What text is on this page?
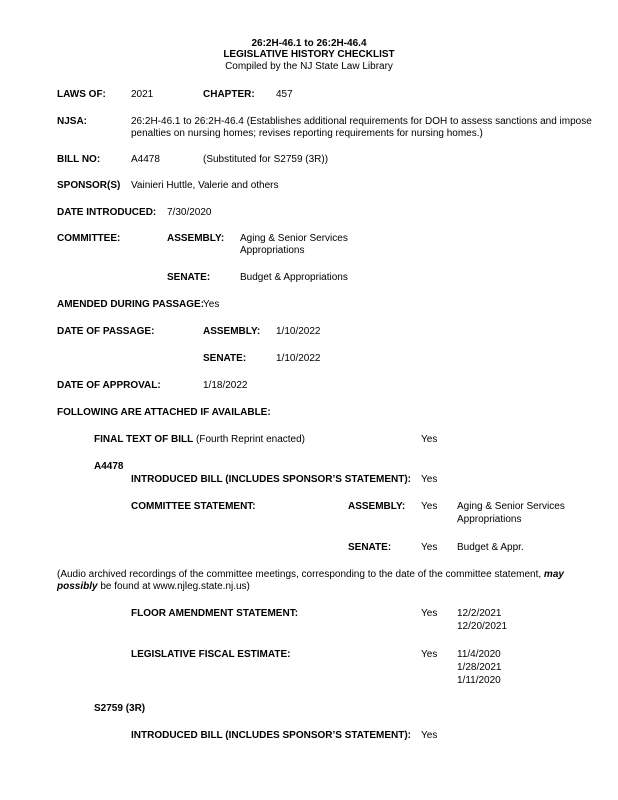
26:2H-46.1 to 26:2H-46.4
LEGISLATIVE HISTORY CHECKLIST
Compiled by the NJ State Law Library
LAWS OF:	2021	CHAPTER: 457
NJSA:	26:2H-46.1 to 26:2H-46.4 (Establishes additional requirements for DOH to assess sanctions and impose
penalties on nursing homes; revises reporting requirements for nursing homes.)
BILL NO:	A4478	(Substituted for S2759 (3R))
SPONSOR(S) Vainieri Huttle, Valerie and others
DATE INTRODUCED: 7/30/2020
COMMITTEE:	ASSEMBLY: Aging & Senior Services
Appropriations
SENATE:	Budget & Appropriations
AMENDED DURING PASSAGE:
Yes
DATE OF PASSAGE:	ASSEMBLY: 1/10/2022
SENATE:	1/10/2022
DATE OF APPROVAL:	1/18/2022
FOLLOWING ARE ATTACHED IF AVAILABLE:
FINAL TEXT OF BILL (Fourth Reprint enacted)	Yes
A4478
INTRODUCED BILL (INCLUDES SPONSOR’S STATEMENT): Yes
COMMITTEE STATEMENT:	ASSEMBLY: Yes Aging & Senior Services
Appropriations
SENATE:	Yes Budget & Appr.
(Audio archived recordings of the committee meetings, corresponding to the date of the committee statement, may
possibly be found at www.njleg.state.nj.us)
FLOOR AMENDMENT STATEMENT:	Yes 12/2/2021
12/20/2021
LEGISLATIVE FISCAL ESTIMATE:	Yes 11/4/2020
1/28/2021
1/11/2020
S2759 (3R)
INTRODUCED BILL (INCLUDES SPONSOR’S STATEMENT): Yes
